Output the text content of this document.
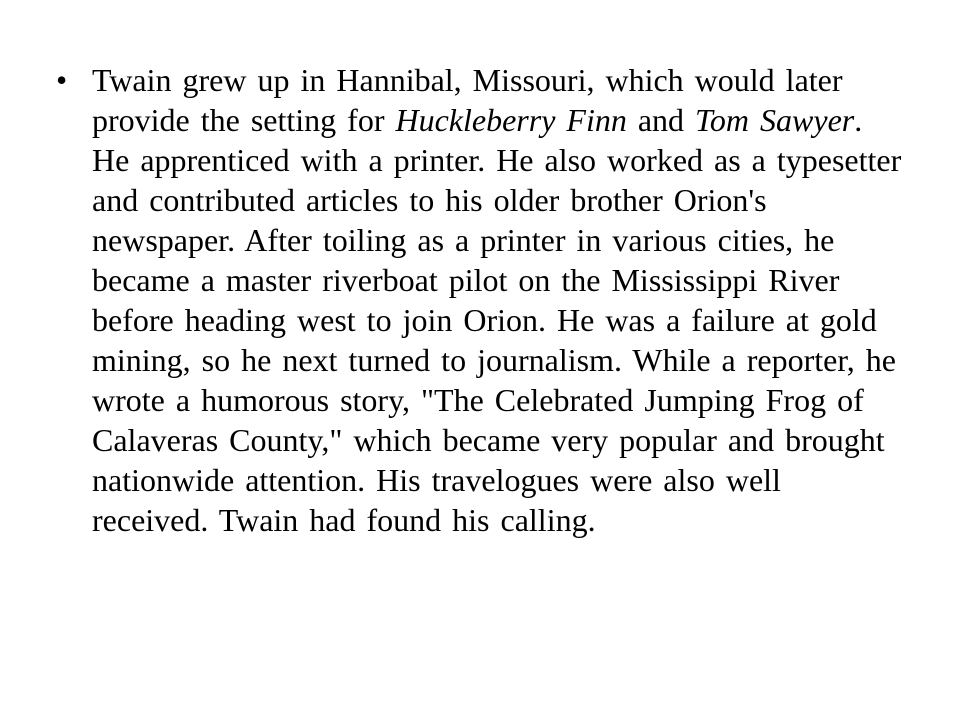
• Twain grew up in Hannibal, Missouri, which would later provide the setting for Huckleberry Finn and Tom Sawyer. He apprenticed with a printer. He also worked as a typesetter and contributed articles to his older brother Orion's newspaper. After toiling as a printer in various cities, he became a master riverboat pilot on the Mississippi River before heading west to join Orion. He was a failure at gold mining, so he next turned to journalism. While a reporter, he wrote a humorous story, "The Celebrated Jumping Frog of Calaveras County," which became very popular and brought nationwide attention. His travelogues were also well received. Twain had found his calling.
